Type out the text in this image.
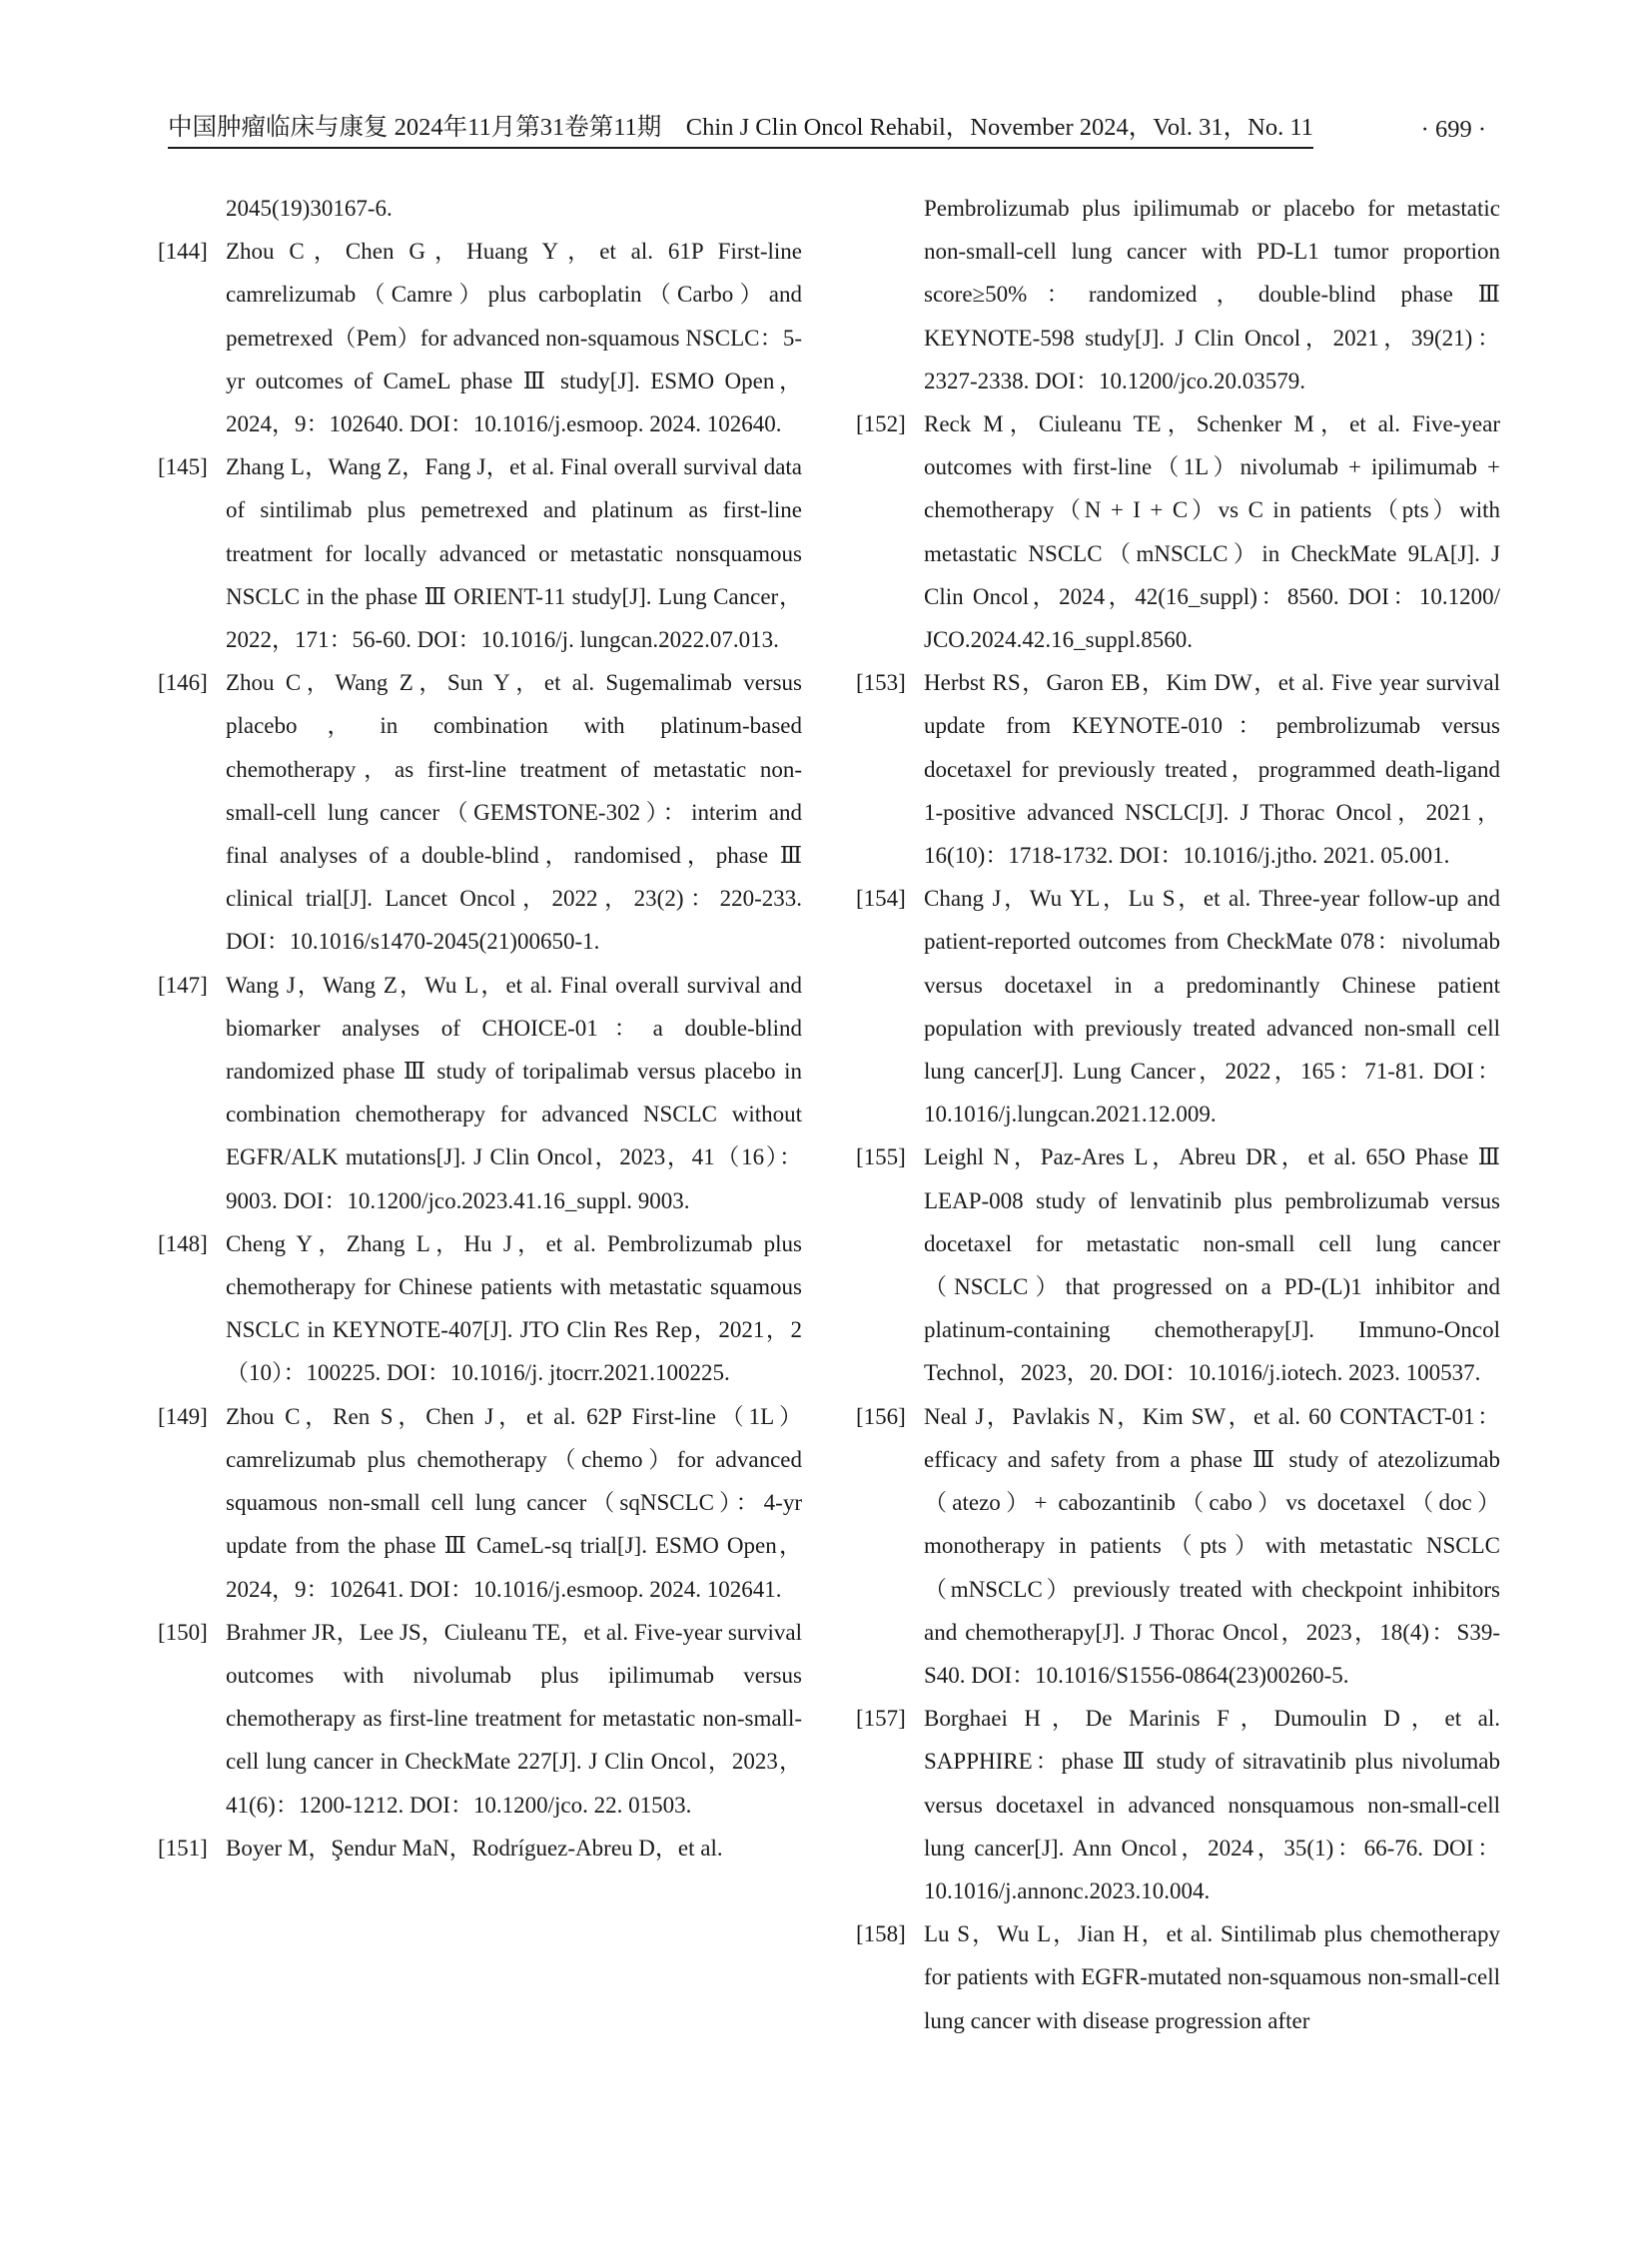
中国肿瘤临床与康复 2024年11月第31卷第11期　Chin J Clin Oncol Rehabil，November 2024，Vol. 31，No. 11	· 699 ·
2045(19)30167-6.
[144] Zhou C，Chen G，Huang Y，et al. 61P First-line camrelizumab（Camre）plus carboplatin（Carbo）and pemetrexed（Pem）for advanced non-squamous NSCLC：5-yr outcomes of CameL phase Ⅲ study[J]. ESMO Open，2024，9：102640. DOI：10.1016/j.esmoop. 2024. 102640.
[145] Zhang L，Wang Z，Fang J，et al. Final overall survival data of sintilimab plus pemetrexed and platinum as first-line treatment for locally advanced or metastatic nonsquamous NSCLC in the phase Ⅲ ORIENT-11 study[J]. Lung Cancer，2022，171：56-60. DOI：10.1016/j. lungcan.2022.07.013.
[146] Zhou C，Wang Z，Sun Y，et al. Sugemalimab versus placebo，in combination with platinum-based chemotherapy，as first-line treatment of metastatic non-small-cell lung cancer（GEMSTONE-302）：interim and final analyses of a double-blind，randomised，phase Ⅲ clinical trial[J]. Lancet Oncol，2022，23(2)：220-233. DOI：10.1016/s1470-2045(21)00650-1.
[147] Wang J，Wang Z，Wu L，et al. Final overall survival and biomarker analyses of CHOICE-01：a double-blind randomized phase Ⅲ study of toripalimab versus placebo in combination chemotherapy for advanced NSCLC without EGFR/ALK mutations[J]. J Clin Oncol，2023，41（16）：9003. DOI：10.1200/jco.2023.41.16_suppl. 9003.
[148] Cheng Y，Zhang L，Hu J，et al. Pembrolizumab plus chemotherapy for Chinese patients with metastatic squamous NSCLC in KEYNOTE-407[J]. JTO Clin Res Rep，2021，2（10）：100225. DOI：10.1016/j. jtocrr.2021.100225.
[149] Zhou C，Ren S，Chen J，et al. 62P First-line（1L）camrelizumab plus chemotherapy（chemo）for advanced squamous non-small cell lung cancer（sqNSCLC）：4-yr update from the phase Ⅲ CameL-sq trial[J]. ESMO Open，2024，9：102641. DOI：10.1016/j.esmoop. 2024. 102641.
[150] Brahmer JR，Lee JS，Ciuleanu TE，et al. Five-year survival outcomes with nivolumab plus ipilimumab versus chemotherapy as first-line treatment for metastatic non-small-cell lung cancer in CheckMate 227[J]. J Clin Oncol，2023，41(6)：1200-1212. DOI：10.1200/jco. 22. 01503.
[151] Boyer M，Şendur MaN，Rodríguez-Abreu D，et al.
Pembrolizumab plus ipilimumab or placebo for metastatic non-small-cell lung cancer with PD-L1 tumor proportion score≥50%：randomized，double-blind phase Ⅲ KEYNOTE-598 study[J]. J Clin Oncol，2021，39(21)：2327-2338. DOI：10.1200/jco.20.03579.
[152] Reck M，Ciuleanu TE，Schenker M，et al. Five-year outcomes with first-line（1L）nivolumab + ipilimumab + chemotherapy（N + I + C）vs C in patients（pts）with metastatic NSCLC（mNSCLC）in CheckMate 9LA[J]. J Clin Oncol，2024，42(16_suppl)：8560. DOI：10.1200/ JCO.2024.42.16_suppl.8560.
[153] Herbst RS，Garon EB，Kim DW，et al. Five year survival update from KEYNOTE-010：pembrolizumab versus docetaxel for previously treated，programmed death-ligand 1-positive advanced NSCLC[J]. J Thorac Oncol，2021，16(10)：1718-1732. DOI：10.1016/j.jtho. 2021. 05.001.
[154] Chang J，Wu YL，Lu S，et al. Three-year follow-up and patient-reported outcomes from CheckMate 078：nivolumab versus docetaxel in a predominantly Chinese patient population with previously treated advanced non-small cell lung cancer[J]. Lung Cancer，2022，165：71-81. DOI：10.1016/j.lungcan.2021.12.009.
[155] Leighl N，Paz-Ares L，Abreu DR，et al. 65O Phase Ⅲ LEAP-008 study of lenvatinib plus pembrolizumab versus docetaxel for metastatic non-small cell lung cancer（NSCLC）that progressed on a PD-(L)1 inhibitor and platinum-containing chemotherapy[J]. Immuno-Oncol Technol，2023，20. DOI：10.1016/j.iotech. 2023. 100537.
[156] Neal J，Pavlakis N，Kim SW，et al. 60 CONTACT-01：efficacy and safety from a phase Ⅲ study of atezolizumab（atezo）+ cabozantinib（cabo）vs docetaxel（doc）monotherapy in patients（pts）with metastatic NSCLC（mNSCLC）previously treated with checkpoint inhibitors and chemotherapy[J]. J Thorac Oncol，2023，18(4)：S39-S40. DOI：10.1016/S1556-0864(23)00260-5.
[157] Borghaei H，De Marinis F，Dumoulin D，et al. SAPPHIRE：phase Ⅲ study of sitravatinib plus nivolumab versus docetaxel in advanced nonsquamous non-small-cell lung cancer[J]. Ann Oncol，2024，35(1)：66-76. DOI：10.1016/j.annonc.2023.10.004.
[158] Lu S，Wu L，Jian H，et al. Sintilimab plus chemotherapy for patients with EGFR-mutated non-squamous non-small-cell lung cancer with disease progression after
